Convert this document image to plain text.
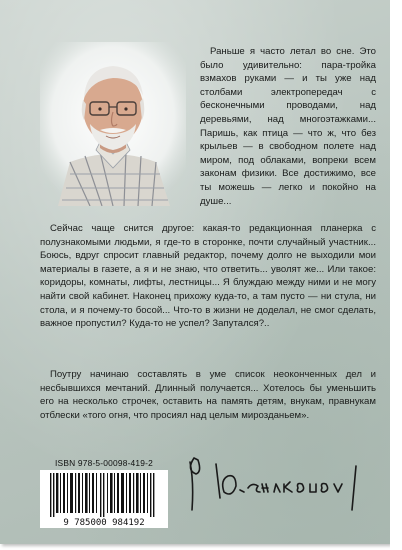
Раньше я часто летал во сне. Это было удивительно: пара-тройка взмахов руками — и ты уже над столбами электропередач с бесконечными проводами, над деревьями, над многоэтажками... Паришь, как птица — что ж, что без крыльев — в свободном полете над миром, под облаками, вопреки всем законам физики. Все достижимо, все ты можешь — легко и покойно на душе...

Сейчас чаще снится другое: какая-то редакционная планерка с полузнакомыми людьми, я где-то в сторонке, почти случайный участник... Боюсь, вдруг спросит главный редактор, почему долго не выходили мои материалы в газете, а я и не знаю, что ответить... уволят же... Или такое: коридоры, комнаты, лифты, лестницы... Я блуждаю между ними и не могу найти свой кабинет. Наконец прихожу куда-то, а там пусто — ни стула, ни стола, и я почему-то босой... Что-то в жизни не доделал, не смог сделать, важное пропустил? Куда-то не успел? Запутался?..

Поутру начинаю составлять в уме список неоконченных дел и несбывшихся мечтаний. Длинный получается... Хотелось бы уменьшить его на несколько строчек, оставить на память детям, внукам, правнукам отблески «того огня, что просиял над целым мирозданьем».

ISBN 978-5-00098-419-2
9 785000 984192
